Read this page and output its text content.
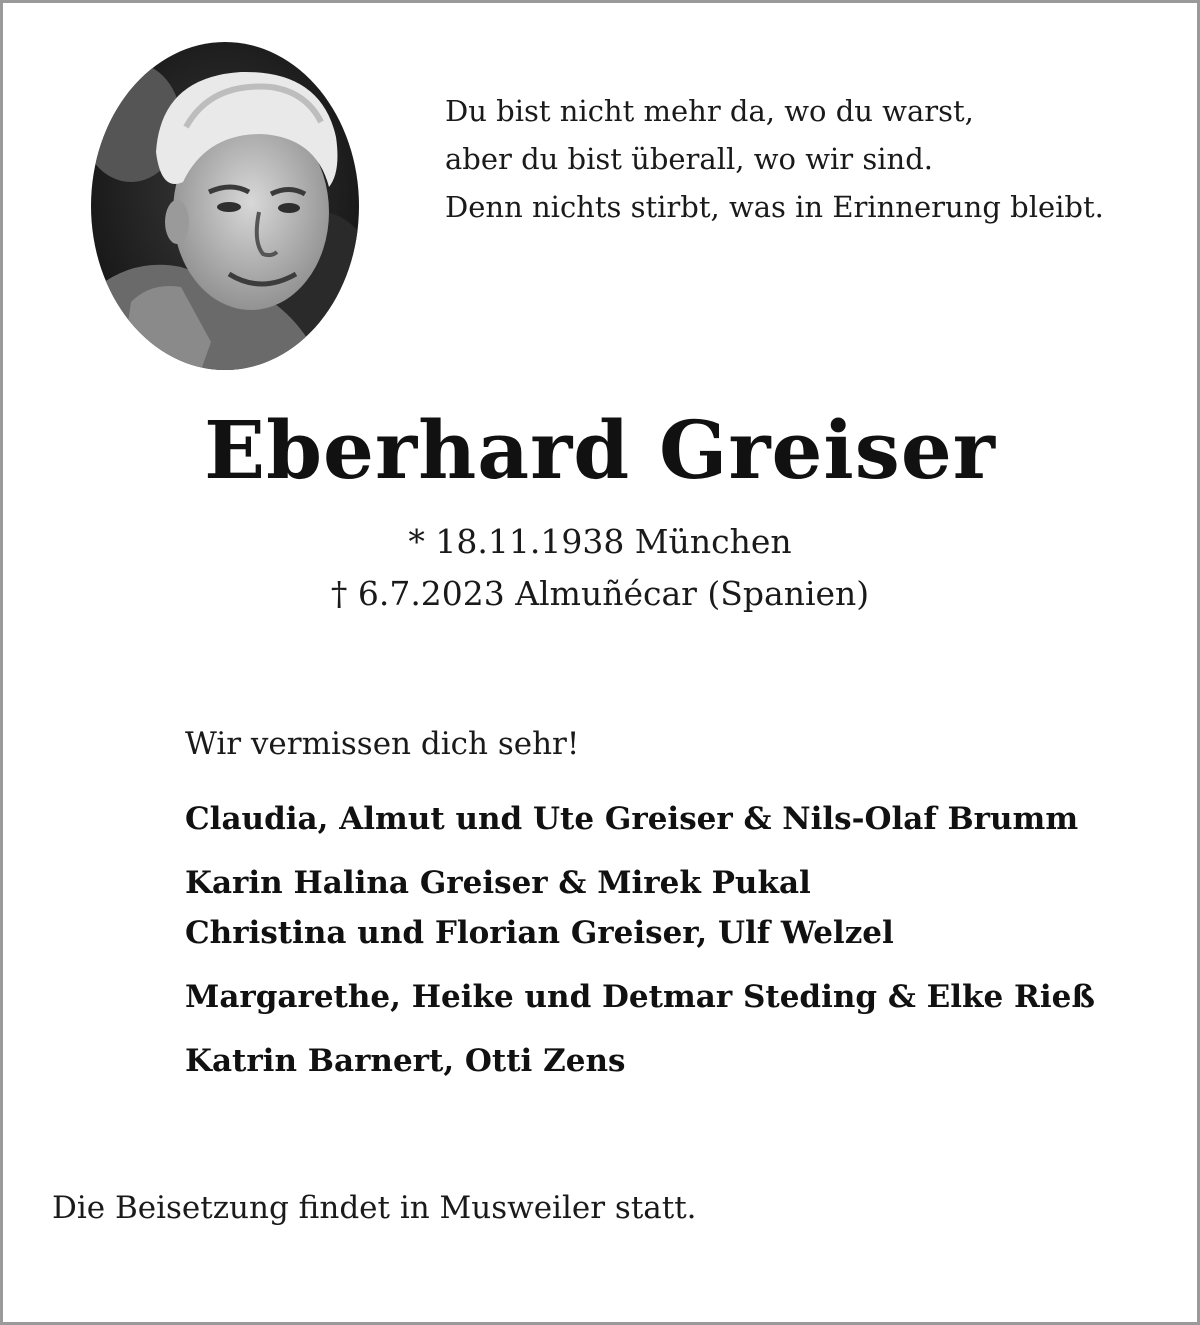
Du bist nicht mehr da, wo du warst,
aber du bist überall, wo wir sind.
Denn nichts stirbt, was in Erinnerung bleibt.
Eberhard Greiser
* 18.11.1938 München
† 6.7.2023 Almuñécar (Spanien)
Wir vermissen dich sehr!
Claudia, Almut und Ute Greiser & Nils-Olaf Brumm
Karin Halina Greiser & Mirek Pukal
Christina und Florian Greiser, Ulf Welzel
Margarethe, Heike und Detmar Steding & Elke Rieß
Katrin Barnert, Otti Zens
Die Beisetzung findet in Musweiler statt.
